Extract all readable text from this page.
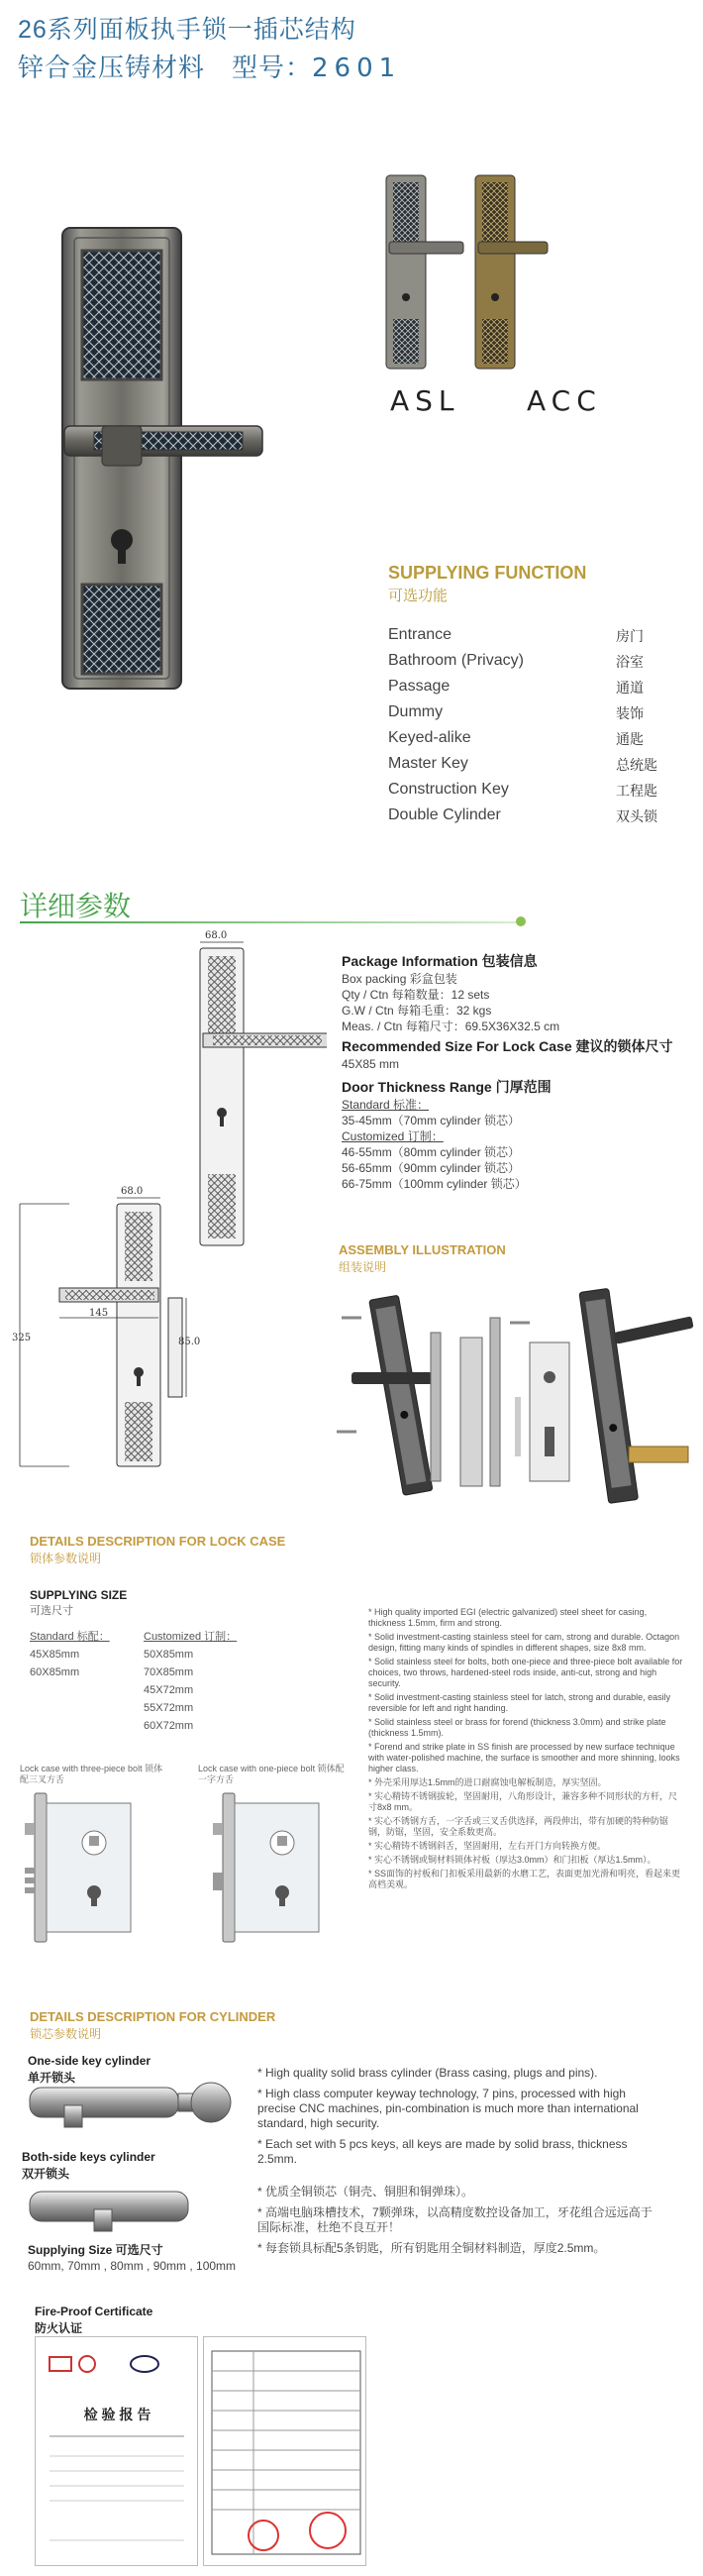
26系列面板执手锁一插芯结构
锌合金压铸材料　型号：2601
ASL ACC
SUPPLYING FUNCTION
可选功能
Entrance	房门
Bathroom (Privacy)	浴室
Passage	通道
Dummy	装饰
Keyed-alike	通匙
Master Key	总统匙
Construction Key	工程匙
Double Cylinder	双头锁
详细参数
68.0
68.0
325
145
85.0
Package Information 包装信息
Box packing 彩盒包装
Qty / Ctn 每箱数量：12 sets
G.W / Ctn 每箱毛重：32 kgs
Meas. / Ctn 每箱尺寸：69.5X36X32.5 cm
Recommended Size For Lock Case 建议的锁体尺寸
45X85 mm
Door Thickness Range 门厚范围
Standard 标准：
35-45mm（70mm cylinder 锁芯）
Customized 订制：
46-55mm（80mm cylinder 锁芯）
56-65mm（90mm cylinder 锁芯）
66-75mm（100mm cylinder 锁芯）
ASSEMBLY ILLUSTRATION
组装说明
DETAILS DESCRIPTION FOR LOCK CASE
锁体参数说明
SUPPLYING SIZE
可选尺寸
Standard 标配：
45X85mm
60X85mm
Customized 订制：
50X85mm
70X85mm
45X72mm
55X72mm
60X72mm
Lock case with three-piece bolt 锁体配三叉方舌
Lock case with one-piece bolt 锁体配一字方舌
* High quality imported EGI (electric galvanized) steel sheet for casing, thickness 1.5mm, firm and strong.
* Solid investment-casting stainless steel for cam, strong and durable. Octagon design, fitting many kinds of spindles in different shapes, size 8x8 mm.
* Solid stainless steel for bolts, both one-piece and three-piece bolt available for choices, two throws, hardened-steel rods inside, anti-cut, strong and high security.
* Solid investment-casting stainless steel for latch, strong and durable, easily reversible for left and right handing.
* Solid stainless steel or brass for forend (thickness 3.0mm) and strike plate (thickness 1.5mm).
* Forend and strike plate in SS finish are processed by new surface technique with water-polished machine, the surface is smoother and more shinning, looks higher class.
* 外壳采用厚达1.5mm的进口耐腐蚀电解板制造，厚实坚固。
* 实心精铸不锈钢拔轮，坚固耐用，八角形设计，兼容多种不同形状的方杆，尺寸8x8 mm。
* 实心不锈钢方舌，一字舌或三叉舌供选择，两段伸出，带有加硬的特种防锯钢，防锯，坚固，安全系数更高。
* 实心精铸不锈钢斜舌，坚固耐用，左右开门方向转换方便。
* 实心不锈钢或铜材料锁体衬板（厚达3.0mm）和门扣板（厚达1.5mm）。
* SS面饰的衬板和门扣板采用最新的水磨工艺，表面更加光滑和明亮，看起来更高档美观。
DETAILS DESCRIPTION FOR CYLINDER
锁芯参数说明
One-side key cylinder
单开锁头
Both-side keys cylinder
双开锁头
Supplying Size 可选尺寸
60mm, 70mm , 80mm , 90mm , 100mm
* High quality solid brass cylinder (Brass casing, plugs and pins).
* High class computer keyway technology, 7 pins, processed with high precise CNC machines, pin-combination is much more than international standard, high security.
* Each set with 5 pcs keys, all keys are made by solid brass, thickness 2.5mm.
* 优质全铜锁芯（铜壳、铜胆和铜弹珠）。
* 高端电脑珠槽技术，7颗弹珠，以高精度数控设备加工，牙花组合远远高于国际标准，杜绝不良互开！
* 每套锁具标配5条钥匙，所有钥匙用全铜材料制造，厚度2.5mm。
Fire-Proof Certificate
防火认证
检 验 报 告
